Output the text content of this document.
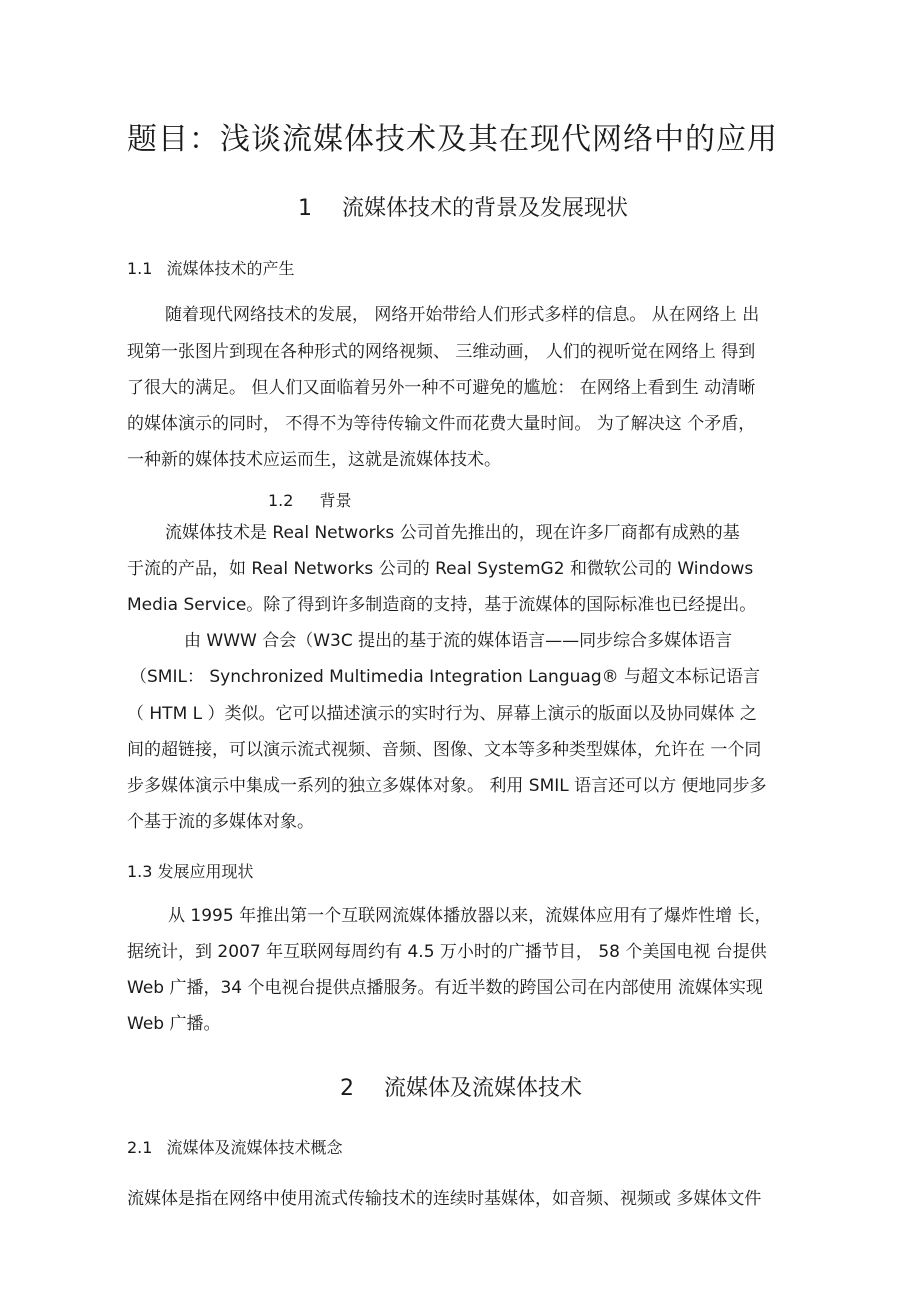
题目：浅谈流媒体技术及其在现代网络中的应用
1 流媒体技术的背景及发展现状
1.1 流媒体技术的产生
随着现代网络技术的发展， 网络开始带给人们形式多样的信息。 从在网络上 出
现第一张图片到现在各种形式的网络视频、 三维动画， 人们的视听觉在网络上 得到
了很大的满足。 但人们又面临着另外一种不可避免的尴尬： 在网络上看到生 动清晰
的媒体演示的同时， 不得不为等待传输文件而花费大量时间。 为了解决这 个矛盾，
一种新的媒体技术应运而生，这就是流媒体技术。
1.2 背景
流媒体技术是 Real Networks 公司首先推出的，现在许多厂商都有成熟的基
于流的产品，如 Real Networks 公司的 Real SystemG2 和微软公司的 Windows
Media Service。除了得到许多制造商的支持，基于流媒体的国际标准也已经提出。
由 WWW 合会（W3C 提出的基于流的媒体语言——同步综合多媒体语言
（SMIL： Synchronized Multimedia Integration Languag® 与超文本标记语言
（ HTM L ）类似。它可以描述演示的实时行为、屏幕上演示的版面以及协同媒体 之
间的超链接，可以演示流式视频、音频、图像、文本等多种类型媒体，允许在 一个同
步多媒体演示中集成一系列的独立多媒体对象。 利用 SMIL 语言还可以方 便地同步多
个基于流的多媒体对象。
1.3 发展应用现状
从 1995 年推出第一个互联网流媒体播放器以来，流媒体应用有了爆炸性增 长，
据统计，到 2007 年互联网每周约有 4.5 万小时的广播节目， 58 个美国电视 台提供
Web 广播，34 个电视台提供点播服务。有近半数的跨国公司在内部使用 流媒体实现
Web 广播。
2 流媒体及流媒体技术
2.1 流媒体及流媒体技术概念
流媒体是指在网络中使用流式传输技术的连续时基媒体，如音频、视频或 多媒体文件
